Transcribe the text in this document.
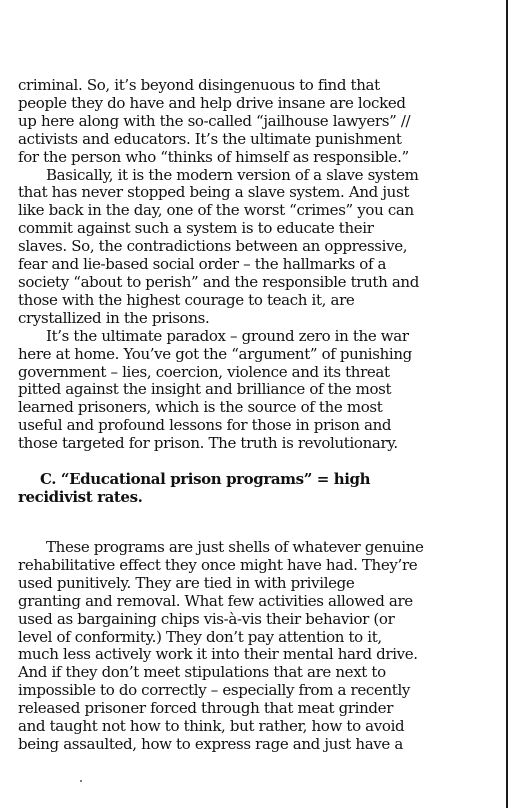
criminal. So, it’s beyond disingenuous to find that
people they do have and help drive insane are locked
up here along with the so-called “jailhouse lawyers” //
activists and educators. It’s the ultimate punishment
for the person who “thinks of himself as responsible.”
Basically, it is the modern version of a slave system
that has never stopped being a slave system. And just
like back in the day, one of the worst “crimes” you can
commit against such a system is to educate their
slaves. So, the contradictions between an oppressive,
fear and lie-based social order – the hallmarks of a
society “about to perish” and the responsible truth and
those with the highest courage to teach it, are
crystallized in the prisons.
It’s the ultimate paradox – ground zero in the war
here at home. You’ve got the “argument” of punishing
government – lies, coercion, violence and its threat
pitted against the insight and brilliance of the most
learned prisoners, which is the source of the most
useful and profound lessons for those in prison and
those targeted for prison. The truth is revolutionary.
C. “Educational prison programs” = high
recidivist rates.
These programs are just shells of whatever genuine
rehabilitative effect they once might have had. They’re
used punitively. They are tied in with privilege
granting and removal. What few activities allowed are
used as bargaining chips vis-à-vis their behavior (or
level of conformity.) They don’t pay attention to it,
much less actively work it into their mental hard drive.
And if they don’t meet stipulations that are next to
impossible to do correctly – especially from a recently
released prisoner forced through that meat grinder
and taught not how to think, but rather, how to avoid
being assaulted, how to express rage and just have a
